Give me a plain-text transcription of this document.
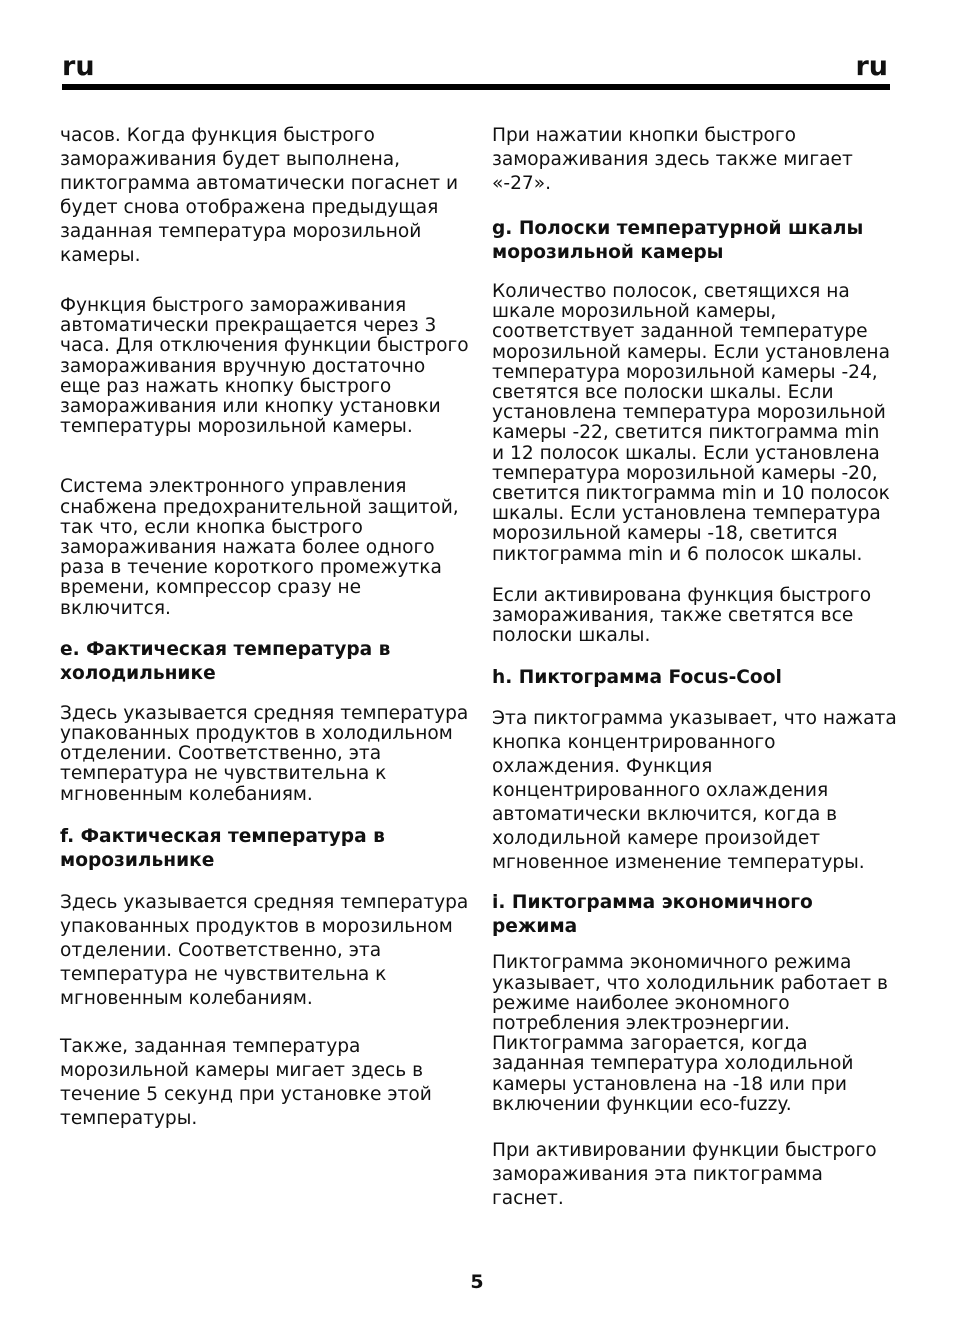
ru	ru

часов. Когда функция быстрого замораживания будет выполнена, пиктограмма автоматически погаснет и будет снова отображена предыдущая заданная температура морозильной камеры.

Функция быстрого замораживания автоматически прекращается через 3 часа. Для отключения функции быстрого замораживания вручную достаточно еще раз нажать кнопку быстрого замораживания или кнопку установки температуры морозильной камеры.

Система электронного управления снабжена предохранительной защитой, так что, если кнопка быстрого замораживания нажата более одного раза в течение короткого промежутка времени, компрессор сразу не включится.

e. Фактическая температура в холодильнике

Здесь указывается средняя температура упакованных продуктов в холодильном отделении. Соответственно, эта температура не чувствительна к мгновенным колебаниям.

f. Фактическая температура в морозильнике

Здесь указывается средняя температура упакованных продуктов в морозильном отделении. Соответственно, эта температура не чувствительна к мгновенным колебаниям.

Также, заданная температура морозильной камеры мигает здесь в течение 5 секунд при установке этой температуры.

При нажатии кнопки быстрого замораживания здесь также мигает «-27».

g. Полоски температурной шкалы морозильной камеры

Количество полосок, светящихся на шкале морозильной камеры, соответствует заданной температуре морозильной камеры. Если установлена температура морозильной камеры -24, светятся все полоски шкалы. Если установлена температура морозильной камеры -22, светится пиктограмма min и 12 полосок шкалы. Если установлена температура морозильной камеры -20, светится пиктограмма min и 10 полосок шкалы. Если установлена температура морозильной камеры -18, светится пиктограмма min и 6 полосок шкалы.

Если активирована функция быстрого замораживания, также светятся все полоски шкалы.

h. Пиктограмма Focus-Cool

Эта пиктограмма указывает, что нажата кнопка концентрированного охлаждения. Функция концентрированного охлаждения автоматически включится, когда в холодильной камере произойдет мгновенное изменение температуры.

i. Пиктограмма экономичного режима

Пиктограмма экономичного режима указывает, что холодильник работает в режиме наиболее экономного потребления электроэнергии. Пиктограмма загорается, когда заданная температура холодильной камеры установлена на -18 или при включении функции eco-fuzzy.

При активировании функции быстрого замораживания эта пиктограмма гаснет.

5
